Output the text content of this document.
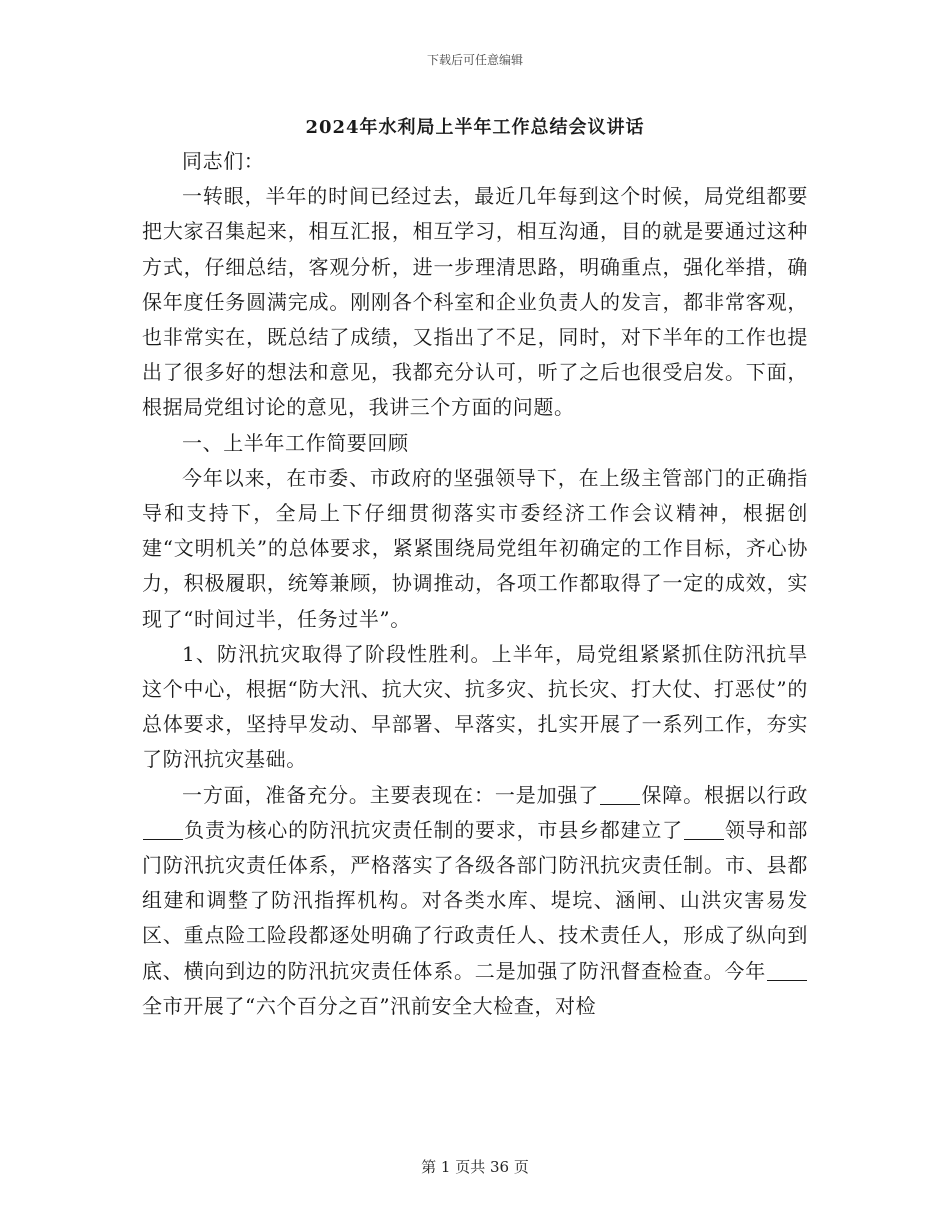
下载后可任意编辑
2024年水利局上半年工作总结会议讲话

同志们：

一转眼，半年的时间已经过去，最近几年每到这个时候，局党组都要把大家召集起来，相互汇报，相互学习，相互沟通，目的就是要通过这种方式，仔细总结，客观分析，进一步理清思路，明确重点，强化举措，确保年度任务圆满完成。刚刚各个科室和企业负责人的发言，都非常客观，也非常实在，既总结了成绩，又指出了不足，同时，对下半年的工作也提出了很多好的想法和意见，我都充分认可，听了之后也很受启发。下面，根据局党组讨论的意见，我讲三个方面的问题。

一、上半年工作简要回顾

今年以来，在市委、市政府的坚强领导下，在上级主管部门的正确指导和支持下，全局上下仔细贯彻落实市委经济工作会议精神，根据创建“文明机关”的总体要求，紧紧围绕局党组年初确定的工作目标，齐心协力，积极履职，统筹兼顾，协调推动，各项工作都取得了一定的成效，实现了“时间过半，任务过半”。

1、防汛抗灾取得了阶段性胜利。上半年，局党组紧紧抓住防汛抗旱这个中心，根据“防大汛、抗大灾、抗多灾、抗长灾、打大仗、打恶仗”的总体要求，坚持早发动、早部署、早落实，扎实开展了一系列工作，夯实了防汛抗灾基础。

一方面，准备充分。主要表现在：一是加强了 保障。根据以行政负责为核心的防汛抗灾责任制的要求，市县乡都建立了 领导和部门防汛抗灾责任体系，严格落实了各级各部门防汛抗灾责任制。市、县都组建和调整了防汛指挥机构。对各类水库、堤垸、涵闸、山洪灾害易发区、重点险工险段都逐处明确了行政责任人、技术责任人，形成了纵向到底、横向到边的防汛抗灾责任体系。二是加强了防汛督查检查。今年全市开展了“六个百分之百”汛前安全大检查，对检

第 1 页共 36 页
